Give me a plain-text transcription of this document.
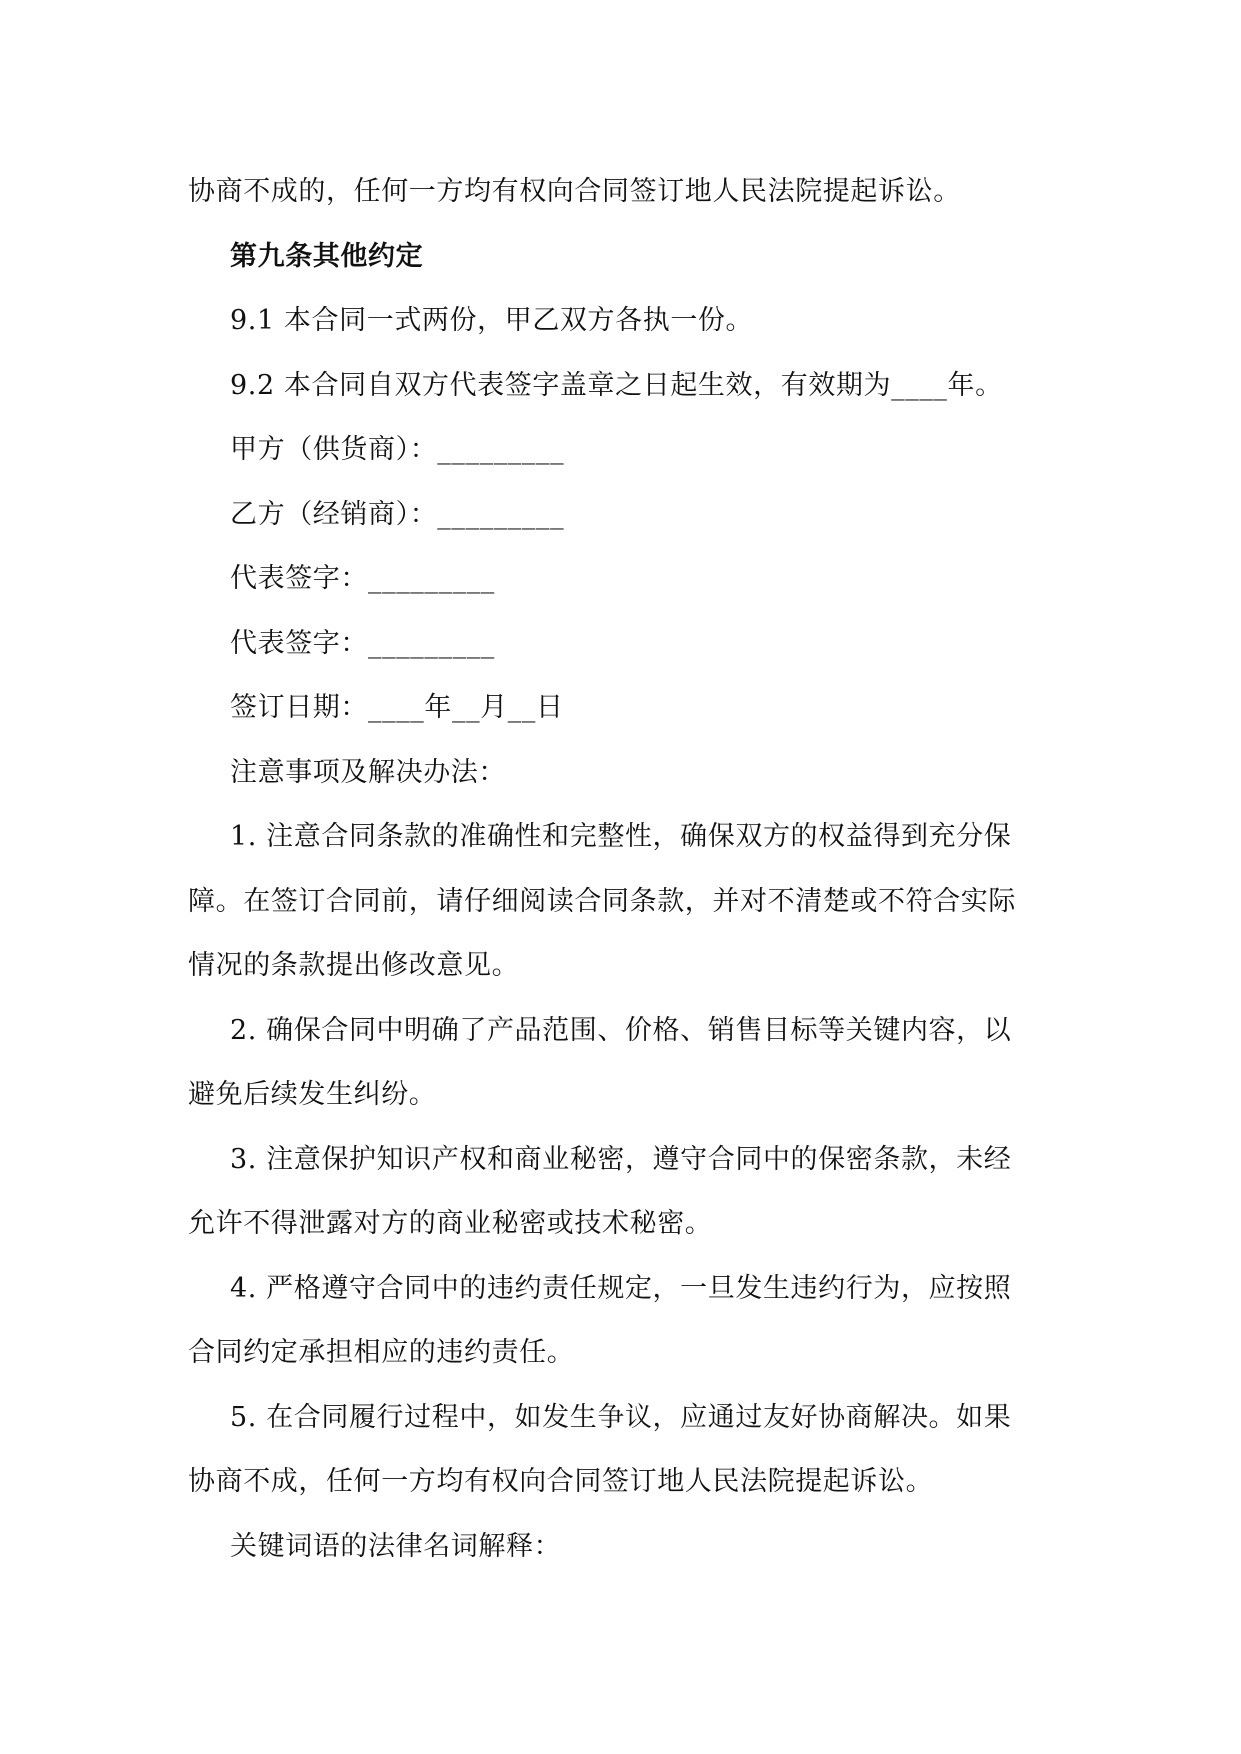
协商不成的，任何一方均有权向合同签订地人民法院提起诉讼。
第九条其他约定
9.1 本合同一式两份，甲乙双方各执一份。
9.2 本合同自双方代表签字盖章之日起生效，有效期为____年。
甲方（供货商）：_________
乙方（经销商）：_________
代表签字：_________
代表签字：_________
签订日期：____年__月__日
注意事项及解决办法：
1. 注意合同条款的准确性和完整性，确保双方的权益得到充分保
障。在签订合同前，请仔细阅读合同条款，并对不清楚或不符合实际
情况的条款提出修改意见。
2. 确保合同中明确了产品范围、价格、销售目标等关键内容，以
避免后续发生纠纷。
3. 注意保护知识产权和商业秘密，遵守合同中的保密条款，未经
允许不得泄露对方的商业秘密或技术秘密。
4. 严格遵守合同中的违约责任规定，一旦发生违约行为，应按照
合同约定承担相应的违约责任。
5. 在合同履行过程中，如发生争议，应通过友好协商解决。如果
协商不成，任何一方均有权向合同签订地人民法院提起诉讼。
关键词语的法律名词解释：
